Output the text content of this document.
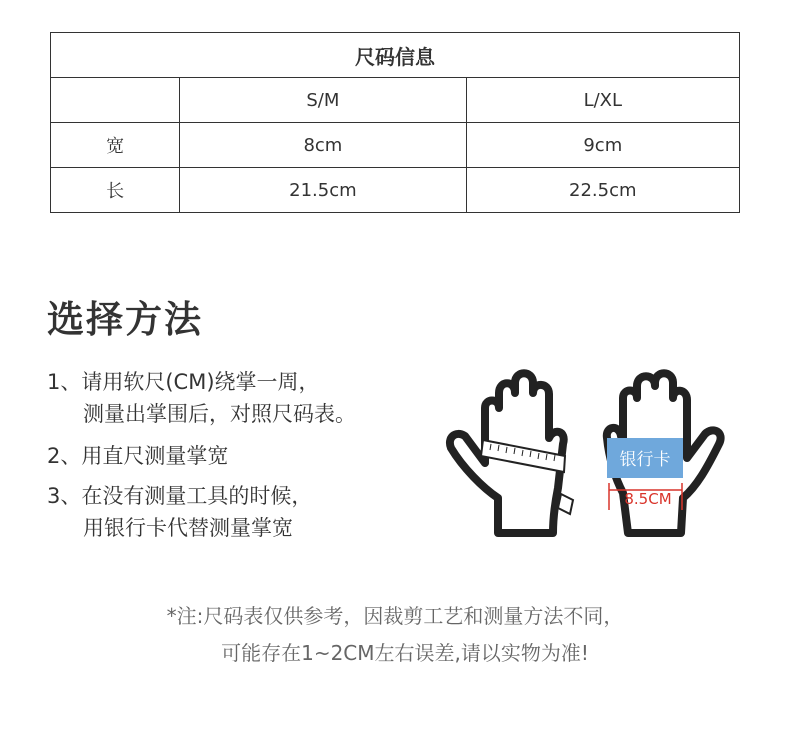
尺码信息		
	S/M	L/XL
宽	8cm	9cm
长	21.5cm	22.5cm
选择方法
1、请用软尺(CM)绕掌一周，
测量出掌围后，对照尺码表。
2、用直尺测量掌宽
3、在没有测量工具的时候，
用银行卡代替测量掌宽
银行卡
8.5CM
*注:尺码表仅供参考，因裁剪工艺和测量方法不同，
可能存在1~2CM左右误差,请以实物为准!
